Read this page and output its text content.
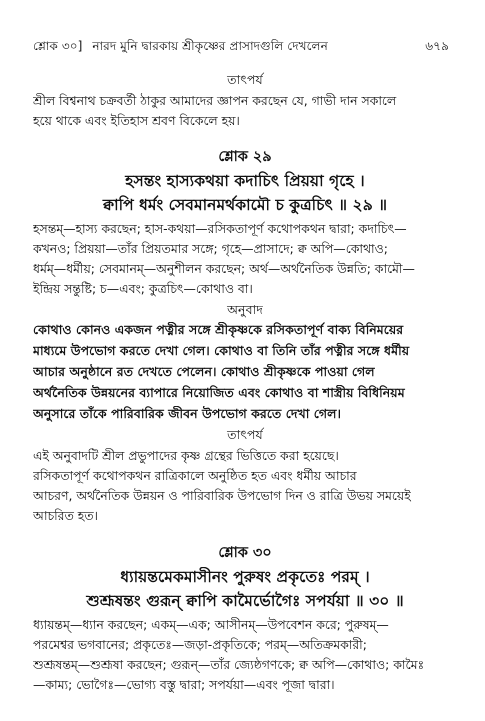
শ্লোক ৩০] নারদ মুনি দ্বারকায় শ্রীকৃষ্ণের প্রাসাদগুলি দেখলেন	৬৭৯
তাৎপর্য
শ্রীল বিশ্বনাথ চক্রবর্তী ঠাকুর আমাদের জ্ঞাপন করছেন যে, গাভী দান সকালে
হয়ে থাকে এবং ইতিহাস শ্রবণ বিকেলে হয়।
শ্লোক ২৯
হসন্তং হাস্যকথয়া কদাচিৎ প্রিয়য়া গৃহে ।
ক্বাপি ধর্মং সেবমানমর্থকামৌ চ কুত্রচিৎ ॥ ২৯ ॥
হসন্তম্—হাস্য করছেন; হাস-কথয়া—রসিকতাপূর্ণ কথোপকথন দ্বারা; কদাচিৎ—
কখনও; প্রিয়য়া—তাঁর প্রিয়তমার সঙ্গে; গৃহে—প্রাসাদে; ক্ব অপি—কোথাও;
ধর্মম্—ধর্মীয়; সেবমানম্—অনুশীলন করছেন; অর্থ—অর্থনৈতিক উন্নতি; কামৌ—
ইন্দ্রিয় সন্তুষ্টি; চ—এবং; কুত্রচিৎ—কোথাও বা।
অনুবাদ
কোথাও কোনও একজন পত্নীর সঙ্গে শ্রীকৃষ্ণকে রসিকতাপূর্ণ বাক্য বিনিময়ের
মাধ্যমে উপভোগ করতে দেখা গেল। কোথাও বা তিনি তাঁর পত্নীর সঙ্গে ধর্মীয়
আচার অনুষ্ঠানে রত দেখতে পেলেন। কোথাও শ্রীকৃষ্ণকে পাওয়া গেল
অর্থনৈতিক উন্নয়নের ব্যাপারে নিয়োজিত এবং কোথাও বা শাস্ত্রীয় বিধিনিয়ম
অনুসারে তাঁকে পারিবারিক জীবন উপভোগ করতে দেখা গেল।
তাৎপর্য
এই অনুবাদটি শ্রীল প্রভুপাদের কৃষ্ণ গ্রন্থের ভিত্তিতে করা হয়েছে।
রসিকতাপূর্ণ কথোপকথন রাত্রিকালে অনুষ্ঠিত হত এবং ধর্মীয় আচার
আচরণ, অর্থনৈতিক উন্নয়ন ও পারিবারিক উপভোগ দিন ও রাত্রি উভয় সময়েই
আচরিত হত।
শ্লোক ৩০
ধ্যায়ন্তমেকমাসীনং পুরুষং প্রকৃতেঃ পরম্ ।
শুশ্রূষন্তং গুরূন্ ক্বাপি কামৈর্ভোগৈঃ সপর্যয়া ॥ ৩০ ॥
ধ্যায়ন্তম্—ধ্যান করছেন; একম্—এক; আসীনম্—উপবেশন করে; পুরুষম্—
পরমেশ্বর ভগবানের; প্রকৃতেঃ—জড়া-প্রকৃতিকে; পরম্—অতিক্রমকারী;
শুশ্রূষন্তম্—শুশ্রূষা করছেন; গুরূন্—তাঁর জ্যেষ্ঠগণকে; ক্ব অপি—কোথাও; কামৈঃ
—কাম্য; ভোগৈঃ—ভোগ্য বস্তু দ্বারা; সপর্যয়া—এবং পূজা দ্বারা।
